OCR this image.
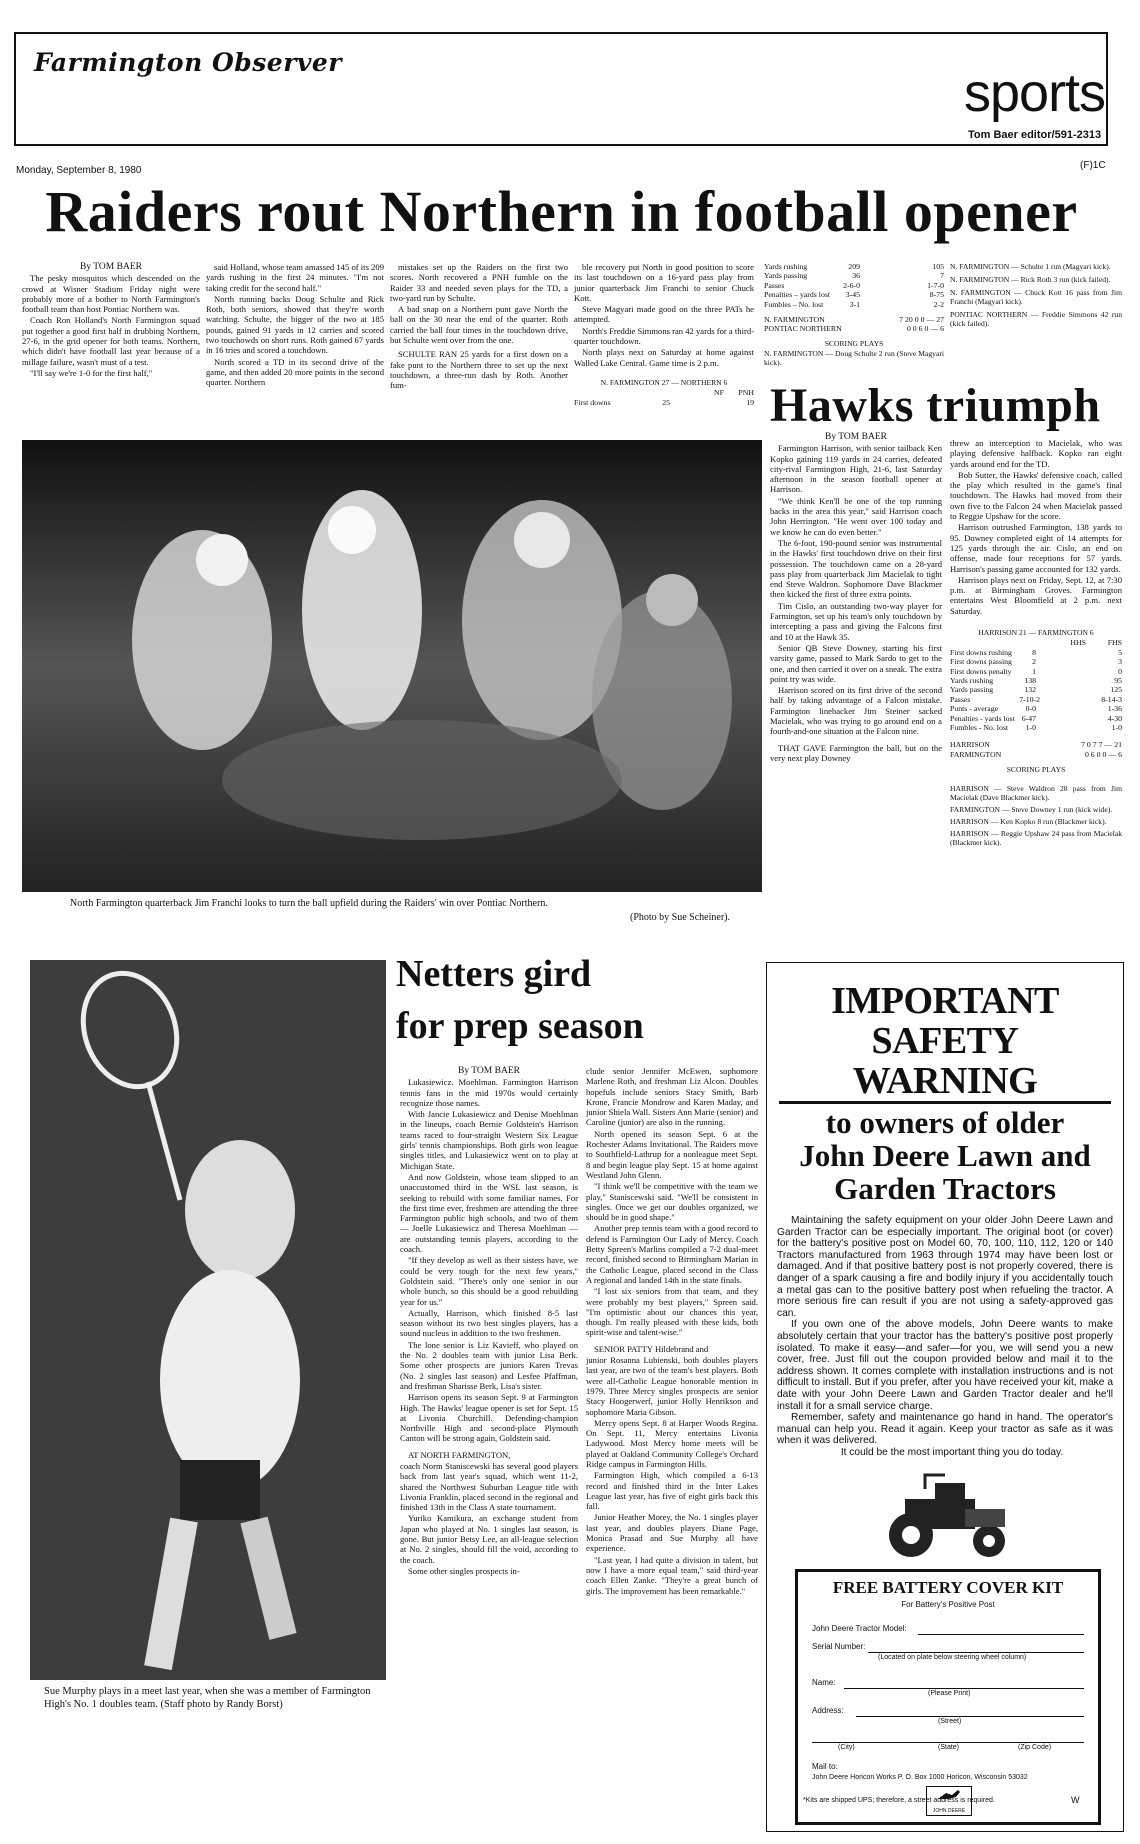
Farmington Observer
sports
Tom Baer editor/591-2313
Monday, September 8, 1980	(F)1C
Raiders rout Northern in football opener

By TOM BAER

The pesky mosquitos which descended on the crowd at Wisner Stadium Friday night were probably more of a bother to North Farmington's football team than host Pontiac Northern was.

Coach Ron Holland's North Farmington squad put together a good first half in drubbing Northern, 27-6, in the grid opener for both teams. Northern, which didn't have football last year because of a millage failure, wasn't must of a test.

"I'll say we're 1-0 for the first half,"

said Holland, whose team amassed 145 of its 209 yards rushing in the first 24 minutes. "I'm not taking credit for the second half."

North running backs Doug Schulte and Rick Roth, both seniors, showed that they're worth watching. Schulte, the bigger of the two at 185 pounds, gained 91 yards in 12 carries and scored two touchowds on short runs. Roth gained 67 yards in 16 tries and scored a touchdown.

North scored a TD in its second drive of the game, and then added 20 more points in the second quarter. Northern

mistakes set up the Raiders on the first two scores. North recovered a PNH fumble on the Raider 33 and needed seven plays for the TD, a two-yard run by Schulte.

A bad snap on a Northern punt gave North the ball on the 30 near the end of the quarter. Roth carried the ball four times in the touchdown drive, but Schulte went over from the one.

SCHULTE RAN 25 yards for a first down on a fake punt to the Northern three to set up the next touchdown, a three-run dash by Roth. Another fum-

ble recovery put North in good position to score its last touchdown on a 16-yard pass play from junior quarterback Jim Franchi to senior Chuck Kott.

Steve Magyari made good on the three PATs he attempted.

North's Freddie Simmons ran 42 yards for a third-quarter touchdown.

North plays next on Saturday at home against Walled Lake Central. Game time is 2 p.m.

N. FARMINGTON 27 — NORTHERN 6
NF	PNH
First downs	25	19
Yards rushing	209	105
Yards passing	36	7
Passes	2-6-0	1-7-0
Penalties – yards lost 3-45	8-75
Fumbles – No. lost	3-1	2-2
N. FARMINGTON	7 20 0 0 — 27
PONTIAC NORTHERN	0 0 6 0 — 6
SCORING PLAYS
N. FARMINGTON — Doug Schulte 2 run (Steve Magyari kick).
N. FARMINGTON — Schulte 1 run (Magyari kick).
N. FARMINGTON — Rick Roth 3 run (kick failed).
N. FARMINGTON — Chuck Kott 16 pass from Jim Franchi (Magyari kick).
PONTIAC NORTHERN — Freddie Simmons 42 run (kick failed).
North Farmington quarterback Jim Franchi looks to turn the ball upfield during the Raiders' win over Pontiac Northern.
(Photo by Sue Scheiner).
Hawks triumph

By TOM BAER

Farmington Harrison, with senior tailback Ken Kopko gaining 119 yards in 24 carries, defeated city-rival Farmington High, 21-6, last Saturday afternoon in the season football opener at Harrison.

"We think Ken'll be one of the top running backs in the area this year," said Harrison coach John Herrington. "He went over 100 today and we know he can do even better."

The 6-foot, 190-pound senior was instrumental in the Hawks' first touchdown drive on their first possession. The touchdown came on a 28-yard pass play from quarterback Jim Macielak to tight end Steve Waldron. Sophomore Dave Blackmer then kicked the first of three extra points.

Tim Cislo, an outstanding two-way player for Farmington, set up his team's only touchdown by intercepting a pass and giving the Falcons first and 10 at the Hawk 35.

Senior QB Steve Downey, starting his first varsity game, passed to Mark Sardo to get to the one, and then carried it over on a sneak. The extra point try was wide.

Harrison scored on its first drive of the second half by taking advantage of a Falcon mistake. Farmington linebacker Jim Steiner sacked Macielak, who was trying to go around end on a fourth-and-one situation at the Falcon nine.

THAT GAVE Farmington the ball, but on the very next play Downey

threw an interception to Macielak, who was playing defensive halfback. Kopko ran eight yards around end for the TD.

Bob Sutter, the Hawks' defensive coach, called the play which resulted in the game's final touchdown. The Hawks had moved from their own five to the Falcon 24 when Macielak passed to Reggie Upshaw for the score.

Harrison outrushed Farmington, 138 yards to 95. Downey completed eight of 14 attempts for 125 yards through the air. Cislo, an end on offense, made four receptions for 57 yards. Harrison's passing game accounted for 132 yards.

Harrison plays next on Friday, Sept. 12, at 7:30 p.m. at Birmingham Groves. Farmington entertains West Bloomfield at 2 p.m. next Saturday.

HARRISON 21 — FARMINGTON 6
HHS	FHS
First downs rushing	8	5
First downs passing	2	3
First downs penalty	1	0
Yards rushing	138	95
Yards passing	132	125
Passes	7-10-2	8-14-3
Punts - average	0-0	1-36
Penalties - yards lost 6-47	4-30
Fumbles - No. lost 1-0	1-0
HARRISON	7 0 7 7 — 21
FARMINGTON	0 6 0 0 — 6
SCORING PLAYS
HARRISON — Steve Waldron 28 pass from Jim Macielak (Dave Blackmer kick).
FARMINGTON — Steve Downey 1 run (kick wide).
HARRISON — Ken Kopko 8 run (Blackmer kick).
HARRISON — Reggie Upshaw 24 pass from Macielak (Blackmer kick).
Sue Murphy plays in a meet last year, when she was a member of Farmington High's No. 1 doubles team. (Staff photo by Randy Borst)
Netters gird
for prep season

By TOM BAER

Lukasiewicz. Moehlman. Farmington Harrison tennis fans in the mid 1970s would certainly recognize those names.

With Jancie Lukasiewicz and Denise Moehlman in the lineups, coach Bernie Goldstein's Harrison teams raced to four-straight Western Six League girls' tennis championships. Both girls won league singles titles, and Lukasiewicz went on to play at Michigan State.

And now Goldstein, whose team slipped to an unaccustomed third in the WSL last season, is seeking to rebuild with some familiar names. For the first time ever, freshmen are attending the three Farmington public high schools, and two of them — Joelle Lukasiewicz and Theresa Moehlman — are outstanding tennis players, according to the coach.

"If they develop as well as their sisters have, we could be very tough for the next few years," Goldstein said. "There's only one senior in our whole bunch, so this should be a good rebuilding year for us."

Actually, Harrison, which finished 8-5 last season without its two best singles players, has a sound nucleus in addition to the two freshmen.

The lone senior is Liz Kavieff, who played on the No. 2 doubles team with junior Lisa Berk. Some other prospects are juniors Karen Trevas (No. 2 singles last season) and Lesfee Pfaffman, and freshman Sharisse Berk, Lisa's sister.

Harrison opens its season Sept. 9 at Farmington High. The Hawks' league opener is set for Sept. 15 at Livonia Churchill. Defending-champion Northville High and second-place Plymouth Canton will be strong again, Goldstein said.

AT NORTH FARMINGTON,

coach Norm Staniscewski has several good players back from last year's squad, which went 11-2, shared the Northwest Suburban League title with Livonia Franklin, placed second in the regional and finished 13th in the Class A state tournament.

Yuriko Kamikura, an exchange student from Japan who played at No. 1 singles last season, is gone. But junior Betsy Lee, an all-league selection at No. 2 singles, should fill the void, according to the coach.

Some other singles prospects in-

clude senior Jennifer McEwen, sophomore Marlene Roth, and freshman Liz Alcon. Doubles hopefuls include seniors Stacy Smith, Barb Krone, Francie Mondrow and Karen Maday, and junior Shiela Wall. Sisters Ann Marie (senior) and Caroline (junior) are also in the running.

North opened its season Sept. 6 at the Rochester Adams Invitational. The Raiders move to Southfield-Lathrup for a nonleague meet Sept. 8 and begin league play Sept. 15 at home against Westland John Glenn.

"I think we'll be competitive with the team we play," Staniscewski said. "We'll be consistent in singles. Once we get our doubles organized, we should be in good shape."

Another prep tennis team with a good record to defend is Farmington Our Lady of Mercy. Coach Betty Spreen's Marlins compiled a 7-2 dual-meet record, finished second to Birmingham Marian in the Catholic League, placed second in the Class A regional and landed 14th in the state finals.

"I lost six seniors from that team, and they were probably my best players," Spreen said. "I'm optimistic about our chances this year, though. I'm really pleased with these kids, both spirit-wise and talent-wise."

SENIOR PATTY Hildebrand and

junior Rosanna Lubienski, both doubles players last year, are two of the team's best players. Both were all-Catholic League honorable mention in 1979. Three Mercy singles prospects are senior Stacy Hoogerwerf, junior Holly Henrikson and sophomore Maria Gibson.

Mercy opens Sept. 8 at Harper Woods Regina. On Sept. 11, Mercy entertains Livonia Ladywood. Most Mercy home meets will be played at Oakland Community College's Orchard Ridge campus in Farmington Hills.

Farmington High, which compiled a 6-13 record and finished third in the Inter Lakes League last year, has five of eight girls back this fall.

Junior Heather Morey, the No. 1 singles player last year, and doubles players Diane Page, Monica Prasad and Sue Murphy all have experience.

"Last year, I had quite a division in talent, but now I have a more equal team," said third-year coach Ellen Zanke. "They're a great bunch of girls. The improvement has been remarkable."

IMPORTANT
SAFETY WARNING
to owners of older
John Deere Lawn and
Garden Tractors

Maintaining the safety equipment on your older John Deere Lawn and Garden Tractor can be especially important. The original boot (or cover) for the battery's positive post on Model 60, 70, 100, 110, 112, 120 or 140 Tractors manufactured from 1963 through 1974 may have been lost or damaged. And if that positive battery post is not properly covered, there is danger of a spark causing a fire and bodily injury if you accidentally touch a metal gas can to the positive battery post when refueling the tractor. A more serious fire can result if you are not using a safety-approved gas can.

If you own one of the above models, John Deere wants to make absolutely certain that your tractor has the battery's positive post properly isolated. To make it easy—and safer—for you, we will send you a new cover, free. Just fill out the coupon provided below and mail it to the address shown. It comes complete with installation instructions and is not difficult to install. But if you prefer, after you have received your kit, make a date with your John Deere Lawn and Garden Tractor dealer and he'll install it for a small service charge.

Remember, safety and maintenance go hand in hand. The operator's manual can help you. Read it again. Keep your tractor as safe as it was when it was delivered.

It could be the most important thing you do today.

FREE BATTERY COVER KIT
For Battery's Positive Post
John Deere Tractor Model:
Serial Number:
(Located on plate below steering wheel column)
Name:
(Please Print)
Address:
(Street)
(City)	(State)	(Zip Code)
Mail to:
John Deere Horicon Works P. O. Box 1000 Horicon, Wisconsin 53032
JOHN DEERE
*Kits are shipped UPS; therefore, a street address is required.	W
